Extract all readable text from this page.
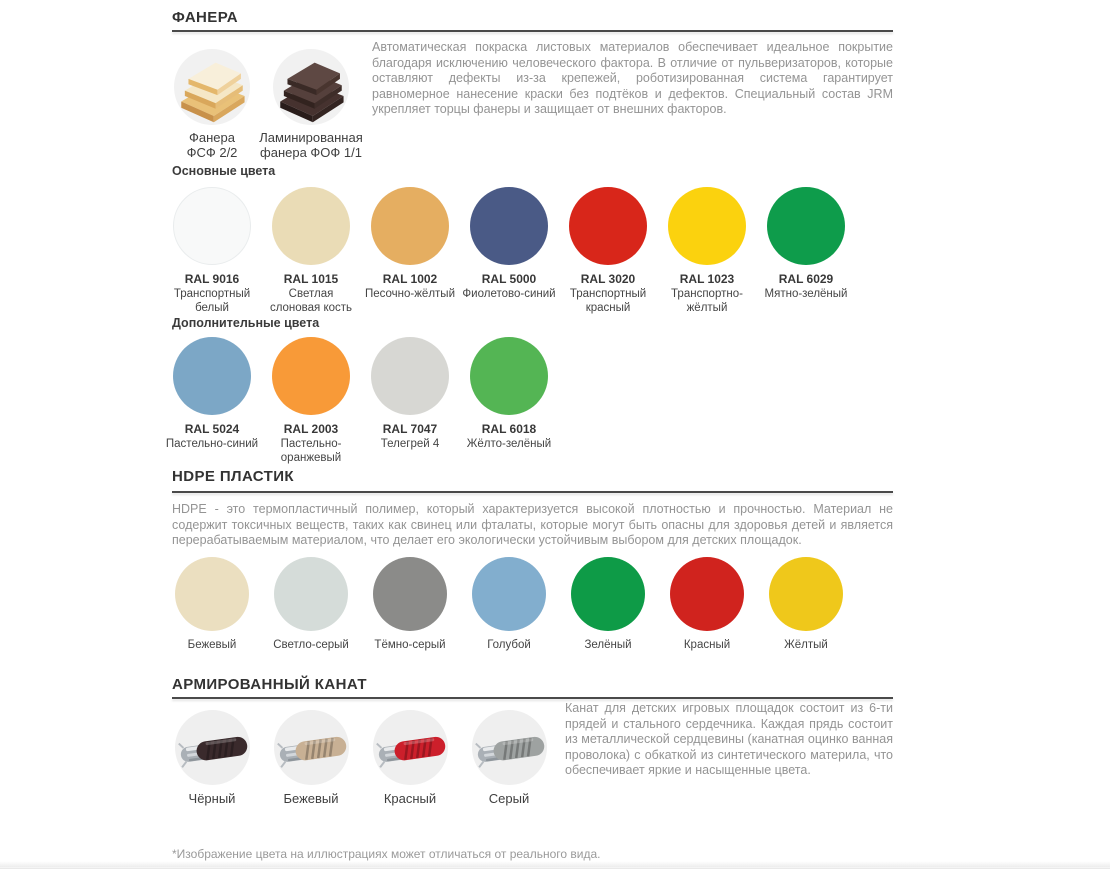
ФАНЕРА
Фанера
ФСФ 2/2
Ламинированная
фанера ФОФ 1/1
Автоматическая покраска листовых материалов обеспечивает идеальное покрытие благодаря исключению человеческого фактора. В отличие от пульверизаторов, которые оставляют дефекты из-за крепежей, роботизированная система гарантирует равномерное нанесение краски без подтёков и дефектов. Специальный состав JRM укрепляет торцы фанеры и защищает от внешних факторов.
Основные цвета
RAL 9016
Транспортный белый
RAL 1015
Светлая слоновая кость
RAL 1002
Песочно-жёлтый
RAL 5000
Фиолетово-синий
RAL 3020
Транспортный красный
RAL 1023
Транспортно-жёлтый
RAL 6029
Мятно-зелёный
Дополнительные цвета
RAL 5024
Пастельно-синий
RAL 2003
Пастельно-оранжевый
RAL 7047
Телегрей 4
RAL 6018
Жёлто-зелёный
HDPE ПЛАСТИК
HDPE - это термопластичный полимер, который характеризуется высокой плотностью и прочностью. Материал не содержит токсичных веществ, таких как свинец или фталаты, которые могут быть опасны для здоровья детей и является перерабатываемым материалом, что делает его экологически устойчивым выбором для детских площадок.
Бежевый	Светло-серый	Тёмно-серый	Голубой	Зелёный	Красный	Жёлтый
АРМИРОВАННЫЙ КАНАТ
Чёрный	Бежевый	Красный	Серый
Канат для детских игровых площадок состоит из 6-ти прядей и стального сердечника. Каждая прядь состоит из металлической сердцевины (канатная оцинко ванная проволока) с обкаткой из синтетического материла, что обеспечивает яркие и насыщенные цвета.
*Изображение цвета на иллюстрациях может отличаться от реального вида.
